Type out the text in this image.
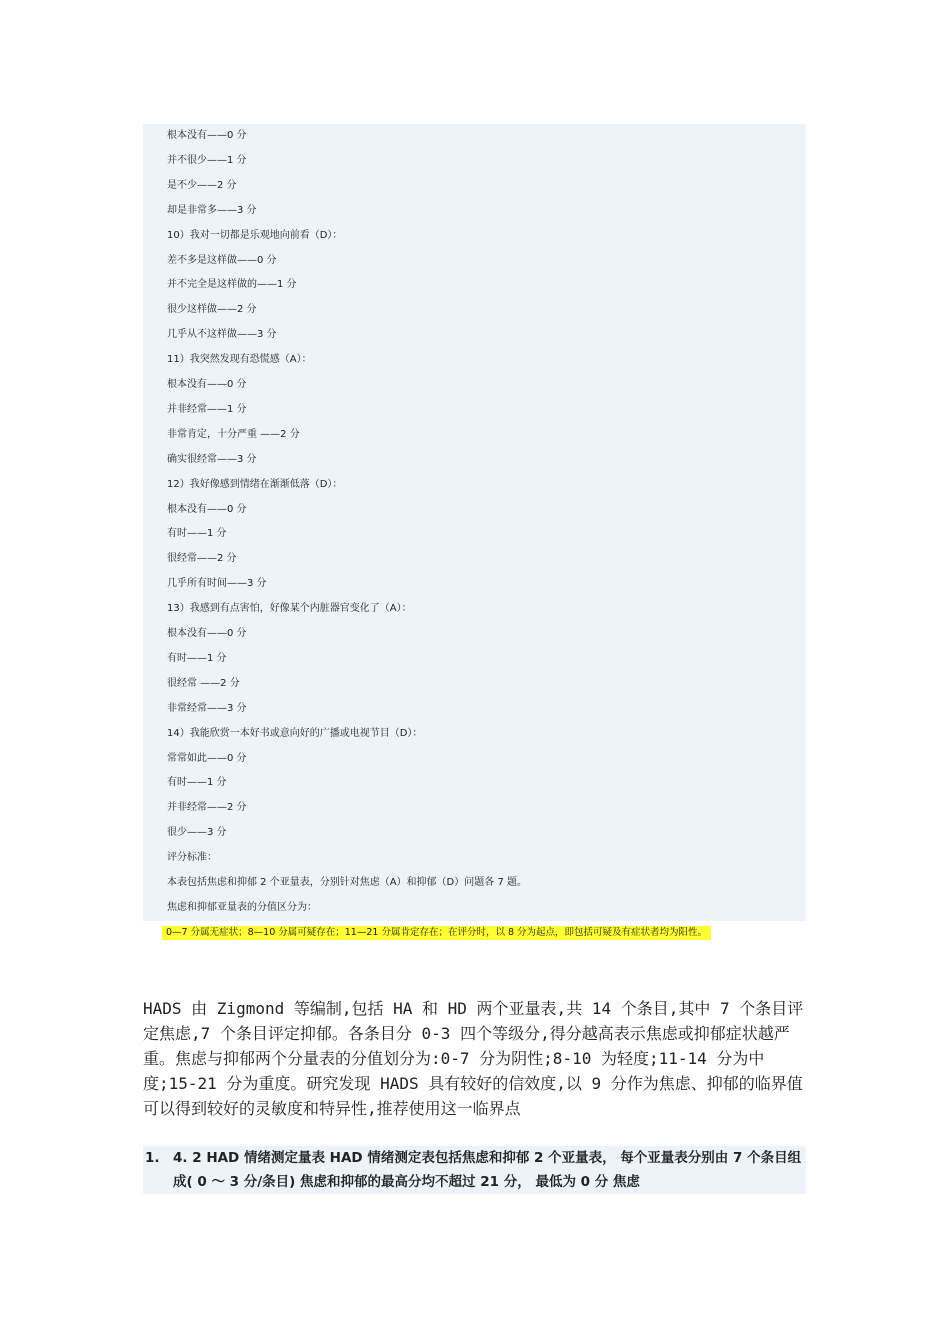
根本没有——0 分
并不很少——1 分
是不少——2 分
却是非常多——3 分
10）我对一切都是乐观地向前看（D）：
差不多是这样做——0 分
并不完全是这样做的——1 分
很少这样做——2 分
几乎从不这样做——3 分
11）我突然发现有恐慌感（A）：
根本没有——0 分
并非经常——1 分
非常肯定，十分严重 ——2 分
确实很经常——3 分
12）我好像感到情绪在渐渐低落（D）：
根本没有——0 分
有时——1 分
很经常——2 分
几乎所有时间——3 分
13）我感到有点害怕，好像某个内脏器官变化了（A）：
根本没有——0 分
有时——1 分
很经常 ——2 分
非常经常——3 分
14）我能欣赏一本好书或意向好的广播或电视节目（D）：
常常如此——0 分
有时——1 分
并非经常——2 分
很少——3 分
评分标准：
本表包括焦虑和抑郁 2 个亚量表，分别针对焦虑（A）和抑郁（D）问题各 7 题。
焦虑和抑郁亚量表的分值区分为：
0—7 分属无症状；8—10 分属可疑存在；11—21 分属肯定存在；在评分时，以 8 分为起点，即包括可疑及有症状者均为阳性。

HADS 由 Zigmond 等编制,包括 HA 和 HD 两个亚量表,共 14 个条目,其中 7 个条目评定焦虑,7 个条目评定抑郁。各条目分 0-3 四个等级分,得分越高表示焦虑或抑郁症状越严重。焦虑与抑郁两个分量表的分值划分为:0-7 分为阴性;8-10 为轻度;11-14 分为中度;15-21 分为重度。研究发现 HADS 具有较好的信效度,以 9 分作为焦虑、抑郁的临界值可以得到较好的灵敏度和特异性,推荐使用这一临界点

1. 4. 2 HAD 情绪测定量表 HAD 情绪测定表包括焦虑和抑郁 2 个亚量表， 每个亚量表分别由 7 个条目组成( 0 ～ 3 分/条目) 焦虑和抑郁的最高分均不超过 21 分， 最低为 0 分 焦虑
